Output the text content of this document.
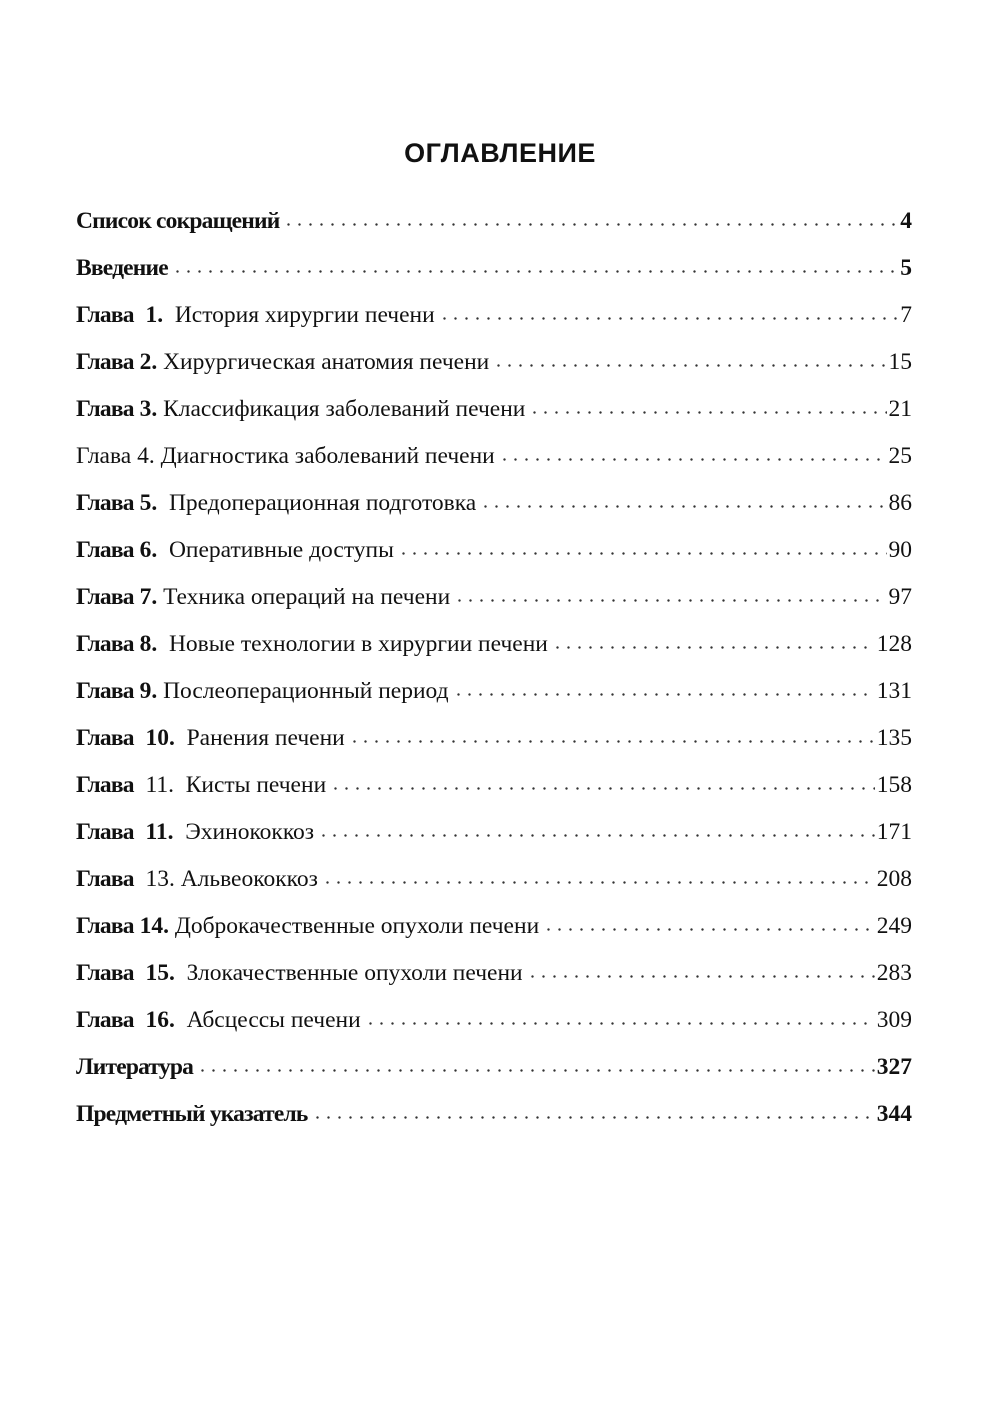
ОГЛАВЛЕНИЕ
Список сокращений	4
Введение	5
Глава 1. История хирургии печени	7
Глава 2. Хирургическая анатомия печени	15
Глава 3. Классификация заболеваний печени	21
Глава 4. Диагностика заболеваний печени	25
Глава 5. Предоперационная подготовка	86
Глава 6. Оперативные доступы	90
Глава 7. Техника операций на печени	97
Глава 8. Новые технологии в хирургии печени	128
Глава 9. Послеоперационный период	131
Глава 10. Ранения печени	135
Глава 11. Кисты печени	158
Глава 11. Эхинококкоз	171
Глава 13. Альвеококкоз	208
Глава 14. Доброкачественные опухоли печени	249
Глава 15. Злокачественные опухоли печени	283
Глава 16. Абсцессы печени	309
Литература	327
Предметный указатель	344
